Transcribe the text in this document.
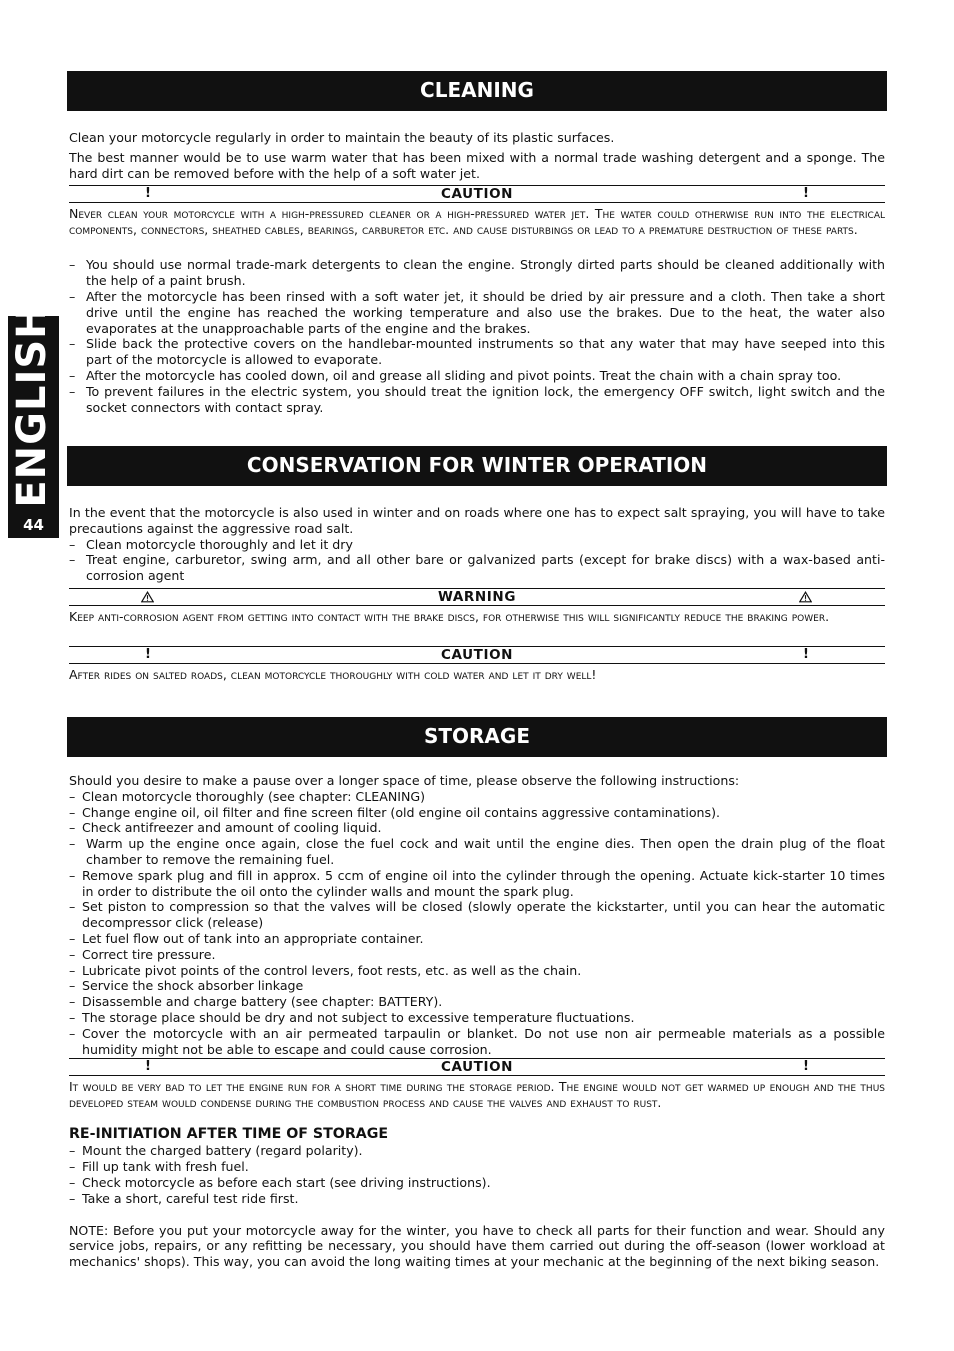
ENGLISH
44
CLEANING

Clean your motorcycle regularly in order to maintain the beauty of its plastic surfaces.

The best manner would be to use warm water that has been mixed with a normal trade washing detergent and a sponge. The hard dirt can be removed before with the help of a soft water jet.

!	CAUTION	!

Never clean your motorcycle with a high-pressured cleaner or a high-pressured water jet. The water could otherwise run into the electrical components, connectors, sheathed cables, bearings, carburetor etc. and cause disturbings or lead to a premature destruction of these parts.

– You should use normal trade-mark detergents to clean the engine. Strongly dirted parts should be cleaned additionally with the help of a paint brush.
– After the motorcycle has been rinsed with a soft water jet, it should be dried by air pressure and a cloth. Then take a short drive until the engine has reached the working temperature and also use the brakes. Due to the heat, the water also evaporates at the unapproachable parts of the engine and the brakes.
– Slide back the protective covers on the handlebar-mounted instruments so that any water that may have seeped into this part of the motorcycle is allowed to evaporate.
– After the motorcycle has cooled down, oil and grease all sliding and pivot points. Treat the chain with a chain spray too.
– To prevent failures in the electric system, you should treat the ignition lock, the emergency OFF switch, light switch and the socket connectors with contact spray.
CONSERVATION FOR WINTER OPERATION

In the event that the motorcycle is also used in winter and on roads where one has to expect salt spraying, you will have to take precautions against the aggressive road salt.

– Clean motorcycle thoroughly and let it dry
– Treat engine, carburetor, swing arm, and all other bare or galvanized parts (except for brake discs) with a wax-based anti-corrosion agent
WARNING

Keep anti-corrosion agent from getting into contact with the brake discs, for otherwise this will significantly reduce the braking power.

!	CAUTION	!

After rides on salted roads, clean motorcycle thoroughly with cold water and let it dry well!

STORAGE

Should you desire to make a pause over a longer space of time, please observe the following instructions:

– Clean motorcycle thoroughly (see chapter: CLEANING)
– Change engine oil, oil filter and fine screen filter (old engine oil contains aggressive contaminations).
– Check antifreezer and amount of cooling liquid.
– Warm up the engine once again, close the fuel cock and wait until the engine dies. Then open the drain plug of the float chamber to remove the remaining fuel.
– Remove spark plug and fill in approx. 5 ccm of engine oil into the cylinder through the opening. Actuate kick-starter 10 times in order to distribute the oil onto the cylinder walls and mount the spark plug.
– Set piston to compression so that the valves will be closed (slowly operate the kickstarter, until you can hear the automatic decompressor click (release)
– Let fuel flow out of tank into an appropriate container.
– Correct tire pressure.
– Lubricate pivot points of the control levers, foot rests, etc. as well as the chain.
– Service the shock absorber linkage
– Disassemble and charge battery (see chapter: BATTERY).
– The storage place should be dry and not subject to excessive temperature fluctuations.
– Cover the motorcycle with an air permeated tarpaulin or blanket. Do not use non air permeable materials as a possible humidity might not be able to escape and could cause corrosion.
!	CAUTION	!

It would be very bad to let the engine run for a short time during the storage period. The engine would not get warmed up enough and the thus developed steam would condense during the combustion process and cause the valves and exhaust to rust.

RE-INITIATION AFTER TIME OF STORAGE

– Mount the charged battery (regard polarity).
– Fill up tank with fresh fuel.
– Check motorcycle as before each start (see driving instructions).
– Take a short, careful test ride first.

NOTE: Before you put your motorcycle away for the winter, you have to check all parts for their function and wear. Should any service jobs, repairs, or any refitting be necessary, you should have them carried out during the off-season (lower workload at mechanics' shops). This way, you can avoid the long waiting times at your mechanic at the beginning of the next biking season.
